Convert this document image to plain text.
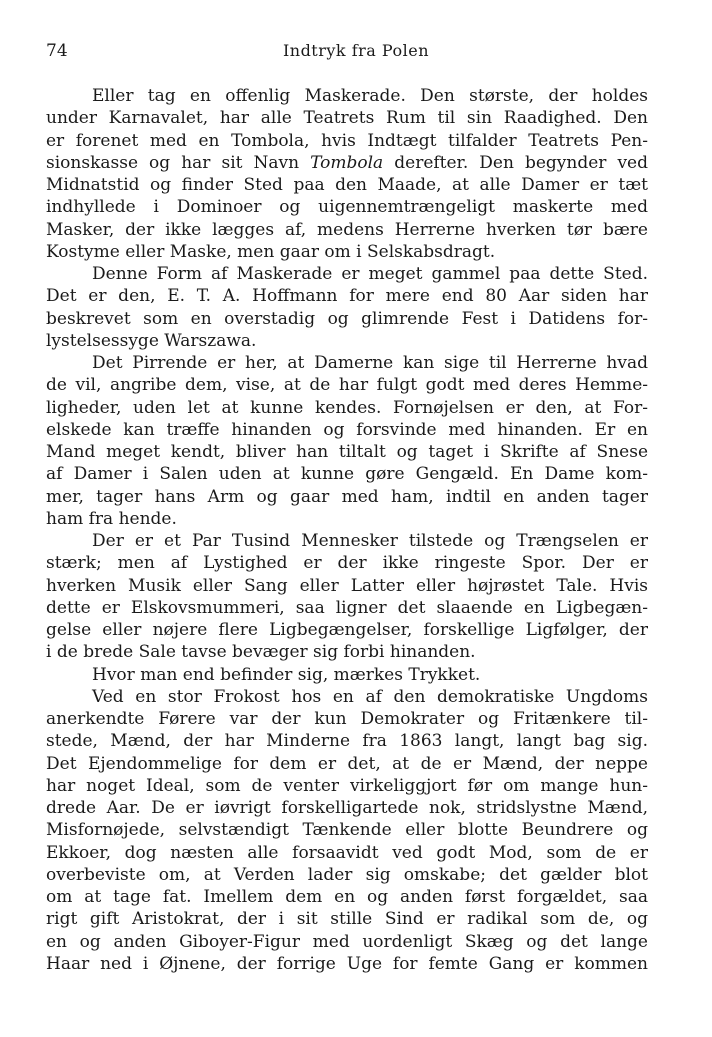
74	Indtryk fra Polen
Eller tag en offenlig Maskerade. Den største, der holdes
under Karnavalet, har alle Teatrets Rum til sin Raadighed. Den
er forenet med en Tombola, hvis Indtægt tilfalder Teatrets Pen-
sionskasse og har sit Navn Tombola derefter. Den begynder ved
Midnatstid og finder Sted paa den Maade, at alle Damer er tæt
indhyllede i Dominoer og uigennemtrængeligt maskerte med
Masker, der ikke lægges af, medens Herrerne hverken tør bære
Kostyme eller Maske, men gaar om i Selskabsdragt.
Denne Form af Maskerade er meget gammel paa dette Sted.
Det er den, E. T. A. Hoffmann for mere end 80 Aar siden har
beskrevet som en overstadig og glimrende Fest i Datidens for-
lystelsessyge Warszawa.
Det Pirrende er her, at Damerne kan sige til Herrerne hvad
de vil, angribe dem, vise, at de har fulgt godt med deres Hemme-
ligheder, uden let at kunne kendes. Fornøjelsen er den, at For-
elskede kan træffe hinanden og forsvinde med hinanden. Er en
Mand meget kendt, bliver han tiltalt og taget i Skrifte af Snese
af Damer i Salen uden at kunne gøre Gengæld. En Dame kom-
mer, tager hans Arm og gaar med ham, indtil en anden tager
ham fra hende.
Der er et Par Tusind Mennesker tilstede og Trængselen er
stærk; men af Lystighed er der ikke ringeste Spor. Der er
hverken Musik eller Sang eller Latter eller højrøstet Tale. Hvis
dette er Elskovsmummeri, saa ligner det slaaende en Ligbegæn-
gelse eller nøjere flere Ligbegængelser, forskellige Ligfølger, der
i de brede Sale tavse bevæger sig forbi hinanden.
Hvor man end befinder sig, mærkes Trykket.
Ved en stor Frokost hos en af den demokratiske Ungdoms
anerkendte Førere var der kun Demokrater og Fritænkere til-
stede, Mænd, der har Minderne fra 1863 langt, langt bag sig.
Det Ejendommelige for dem er det, at de er Mænd, der neppe
har noget Ideal, som de venter virkeliggjort før om mange hun-
drede Aar. De er iøvrigt forskelligartede nok, stridslystne Mænd,
Misfornøjede, selvstændigt Tænkende eller blotte Beundrere og
Ekkoer, dog næsten alle forsaavidt ved godt Mod, som de er
overbeviste om, at Verden lader sig omskabe; det gælder blot
om at tage fat. Imellem dem en og anden først forgældet, saa
rigt gift Aristokrat, der i sit stille Sind er radikal som de, og
en og anden Giboyer-Figur med uordenligt Skæg og det lange
Haar ned i Øjnene, der forrige Uge for femte Gang er kommen
